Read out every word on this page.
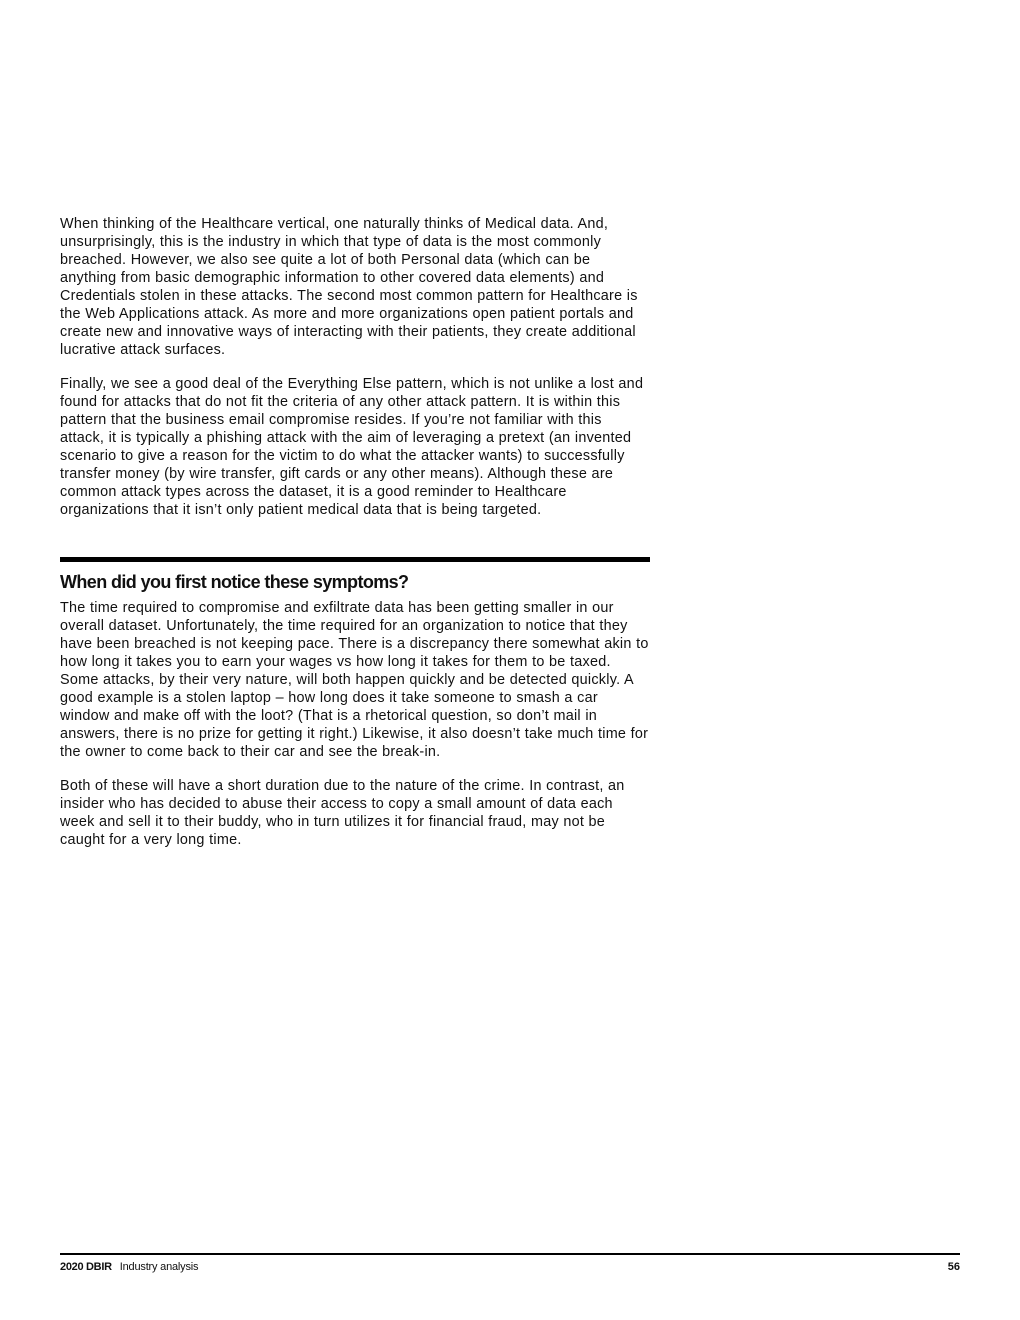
When thinking of the Healthcare vertical, one naturally thinks of Medical data. And, unsurprisingly, this is the industry in which that type of data is the most commonly breached. However, we also see quite a lot of both Personal data (which can be anything from basic demographic information to other covered data elements) and Credentials stolen in these attacks. The second most common pattern for Healthcare is the Web Applications attack. As more and more organizations open patient portals and create new and innovative ways of interacting with their patients, they create additional lucrative attack surfaces.

Finally, we see a good deal of the Everything Else pattern, which is not unlike a lost and found for attacks that do not fit the criteria of any other attack pattern. It is within this pattern that the business email compromise resides. If you’re not familiar with this attack, it is typically a phishing attack with the aim of leveraging a pretext (an invented scenario to give a reason for the victim to do what the attacker wants) to successfully transfer money (by wire transfer, gift cards or any other means). Although these are common attack types across the dataset, it is a good reminder to Healthcare organizations that it isn’t only patient medical data that is being targeted.

When did you first notice these symptoms?

The time required to compromise and exfiltrate data has been getting smaller in our overall dataset. Unfortunately, the time required for an organization to notice that they have been breached is not keeping pace. There is a discrepancy there somewhat akin to how long it takes you to earn your wages vs how long it takes for them to be taxed. Some attacks, by their very nature, will both happen quickly and be detected quickly. A good example is a stolen laptop – how long does it take someone to smash a car window and make off with the loot? (That is a rhetorical question, so don’t mail in answers, there is no prize for getting it right.) Likewise, it also doesn’t take much time for the owner to come back to their car and see the break-in.

Both of these will have a short duration due to the nature of the crime. In contrast, an insider who has decided to abuse their access to copy a small amount of data each week and sell it to their buddy, who in turn utilizes it for financial fraud, may not be caught for a very long time.

2020 DBIR Industry analysis	56
